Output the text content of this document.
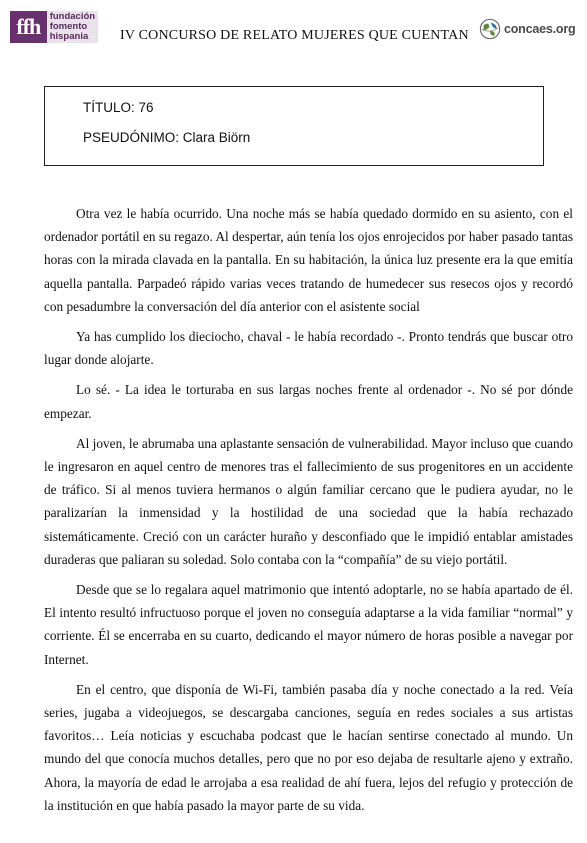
ffh fundación
fomento
hispania	IV CONCURSO DE RELATO MUJERES QUE CUENTAN	concaes.org
TÍTULO: 76
PSEUDÓNIMO: Clara Biörn

Otra vez le había ocurrido. Una noche más se había quedado dormido en su asiento, con el ordenador portátil en su regazo. Al despertar, aún tenía los ojos enrojecidos por haber pasado tantas horas con la mirada clavada en la pantalla. En su habitación, la única luz presente era la que emitía aquella pantalla. Parpadeó rápido varias veces tratando de humedecer sus resecos ojos y recordó con pesadumbre la conversación del día anterior con el asistente social

Ya has cumplido los dieciocho, chaval - le había recordado -. Pronto tendrás que buscar otro lugar donde alojarte.

Lo sé. - La idea le torturaba en sus largas noches frente al ordenador -. No sé por dónde empezar.

Al joven, le abrumaba una aplastante sensación de vulnerabilidad. Mayor incluso que cuando le ingresaron en aquel centro de menores tras el fallecimiento de sus progenitores en un accidente de tráfico. Si al menos tuviera hermanos o algún familiar cercano que le pudiera ayudar, no le paralizarían la inmensidad y la hostilidad de una sociedad que la había rechazado sistemáticamente. Creció con un carácter huraño y desconfiado que le impidió entablar amistades duraderas que paliaran su soledad. Solo contaba con la “compañía” de su viejo portátil.

Desde que se lo regalara aquel matrimonio que intentó adoptarle, no se había apartado de él. El intento resultó infructuoso porque el joven no conseguía adaptarse a la vida familiar “normal” y corriente. Él se encerraba en su cuarto, dedicando el mayor número de horas posible a navegar por Internet.

En el centro, que disponía de Wi-Fi, también pasaba día y noche conectado a la red. Veía series, jugaba a videojuegos, se descargaba canciones, seguía en redes sociales a sus artistas favoritos… Leía noticias y escuchaba podcast que le hacían sentirse conectado al mundo. Un mundo del que conocía muchos detalles, pero que no por eso dejaba de resultarle ajeno y extraño. Ahora, la mayoría de edad le arrojaba a esa realidad de ahí fuera, lejos del refugio y protección de la institución en que había pasado la mayor parte de su vida.
